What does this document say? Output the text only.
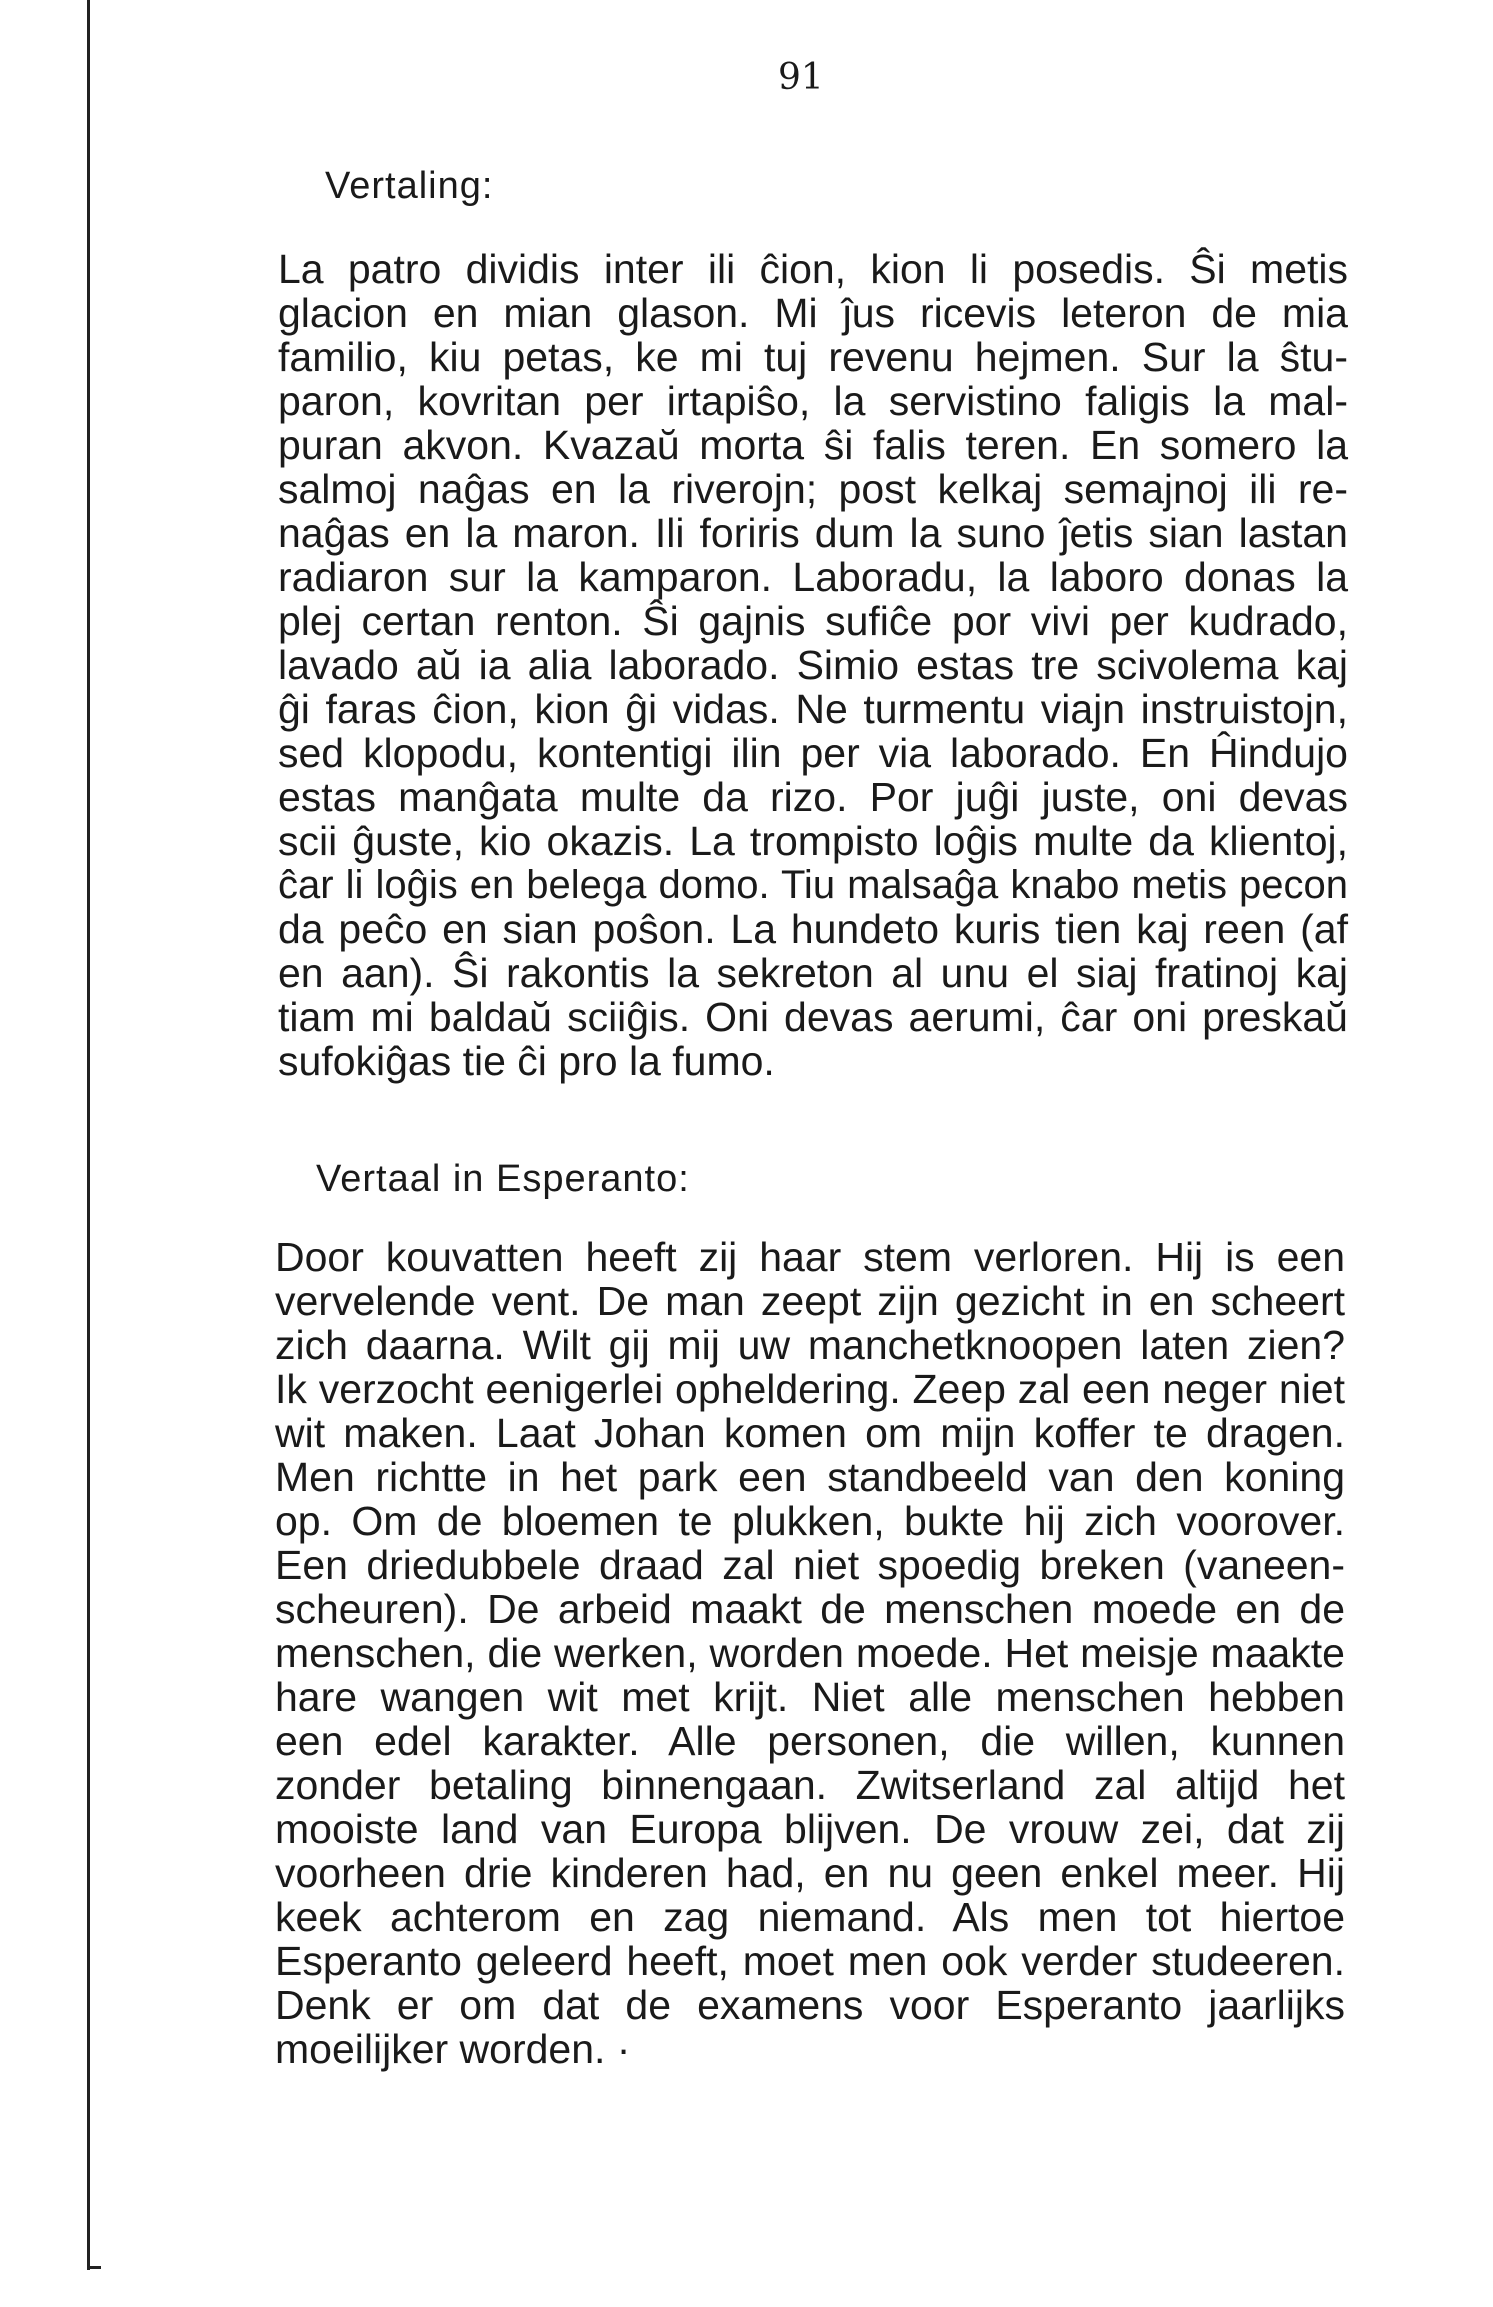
91
Vertaling:
La patro dividis inter ili ĉion, kion li posedis. Ŝi metis
glacion en mian glason. Mi ĵus ricevis leteron de mia
familio, kiu petas, ke mi tuj revenu hejmen. Sur la ŝtu-
paron, kovritan per irtapiŝo, la servistino faligis la mal-
puran akvon. Kvazaŭ morta ŝi falis teren. En somero la
salmoj naĝas en la riverojn; post kelkaj semajnoj ili re-
naĝas en la maron. Ili foriris dum la suno ĵetis sian lastan
radiaron sur la kamparon. Laboradu, la laboro donas la
plej certan renton. Ŝi gajnis sufiĉe por vivi per kudrado,
lavado aŭ ia alia laborado. Simio estas tre scivolema kaj
ĝi faras ĉion, kion ĝi vidas. Ne turmentu viajn instruistojn,
sed klopodu, kontentigi ilin per via laborado. En Ĥindujo
estas manĝata multe da rizo. Por juĝi juste, oni devas
scii ĝuste, kio okazis. La trompisto loĝis multe da klientoj,
ĉar li loĝis en belega domo. Tiu malsaĝa knabo metis pecon
da peĉo en sian poŝon. La hundeto kuris tien kaj reen (af
en aan). Ŝi rakontis la sekreton al unu el siaj fratinoj kaj
tiam mi baldaŭ sciiĝis. Oni devas aerumi, ĉar oni preskaŭ
sufokiĝas tie ĉi pro la fumo.
Vertaal in Esperanto:
Door kouvatten heeft zij haar stem verloren. Hij is een
vervelende vent. De man zeept zijn gezicht in en scheert
zich daarna. Wilt gij mij uw manchetknoopen laten zien?
Ik verzocht eenigerlei opheldering. Zeep zal een neger niet
wit maken. Laat Johan komen om mijn koffer te dragen.
Men richtte in het park een standbeeld van den koning
op. Om de bloemen te plukken, bukte hij zich voorover.
Een driedubbele draad zal niet spoedig breken (vaneen-
scheuren). De arbeid maakt de menschen moede en de
menschen, die werken, worden moede. Het meisje maakte
hare wangen wit met krijt. Niet alle menschen hebben
een edel karakter. Alle personen, die willen, kunnen
zonder betaling binnengaan. Zwitserland zal altijd het
mooiste land van Europa blijven. De vrouw zei, dat zij
voorheen drie kinderen had, en nu geen enkel meer. Hij
keek achterom en zag niemand. Als men tot hiertoe
Esperanto geleerd heeft, moet men ook verder studeeren.
Denk er om dat de examens voor Esperanto jaarlijks
moeilijker worden. ·
